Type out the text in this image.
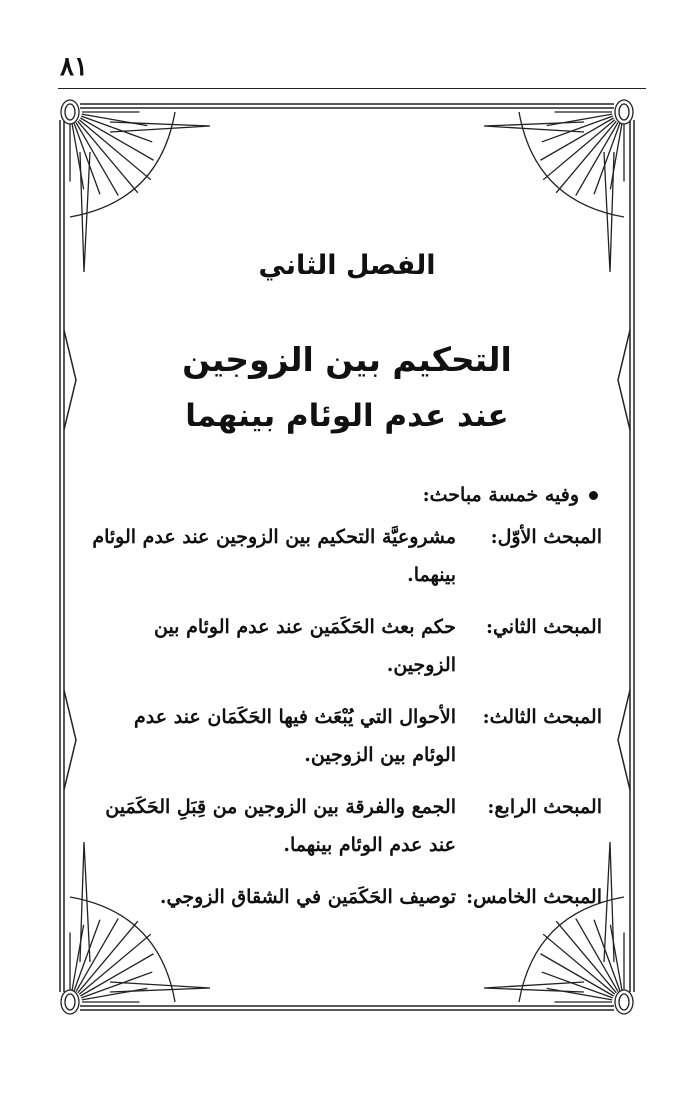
٨١
الفصل الثاني
التحكيم بين الزوجين
عند عدم الوئام بينهما
وفيه خمسة مباحث:
المبحث الأوّل:
مشروعيَّة التحكيم بين الزوجين عند عدم الوئام بينهما.
المبحث الثاني:
حكم بعث الحَكَمَين عند عدم الوئام بين الزوجين.
المبحث الثالث:
الأحوال التي يُبْعَث فيها الحَكَمَان عند عدم الوئام بين الزوجين.
المبحث الرابع:
الجمع والفرقة بين الزوجين من قِبَلِ الحَكَمَين عند عدم الوئام بينهما.
المبحث الخامس:
توصيف الحَكَمَين في الشقاق الزوجي.
